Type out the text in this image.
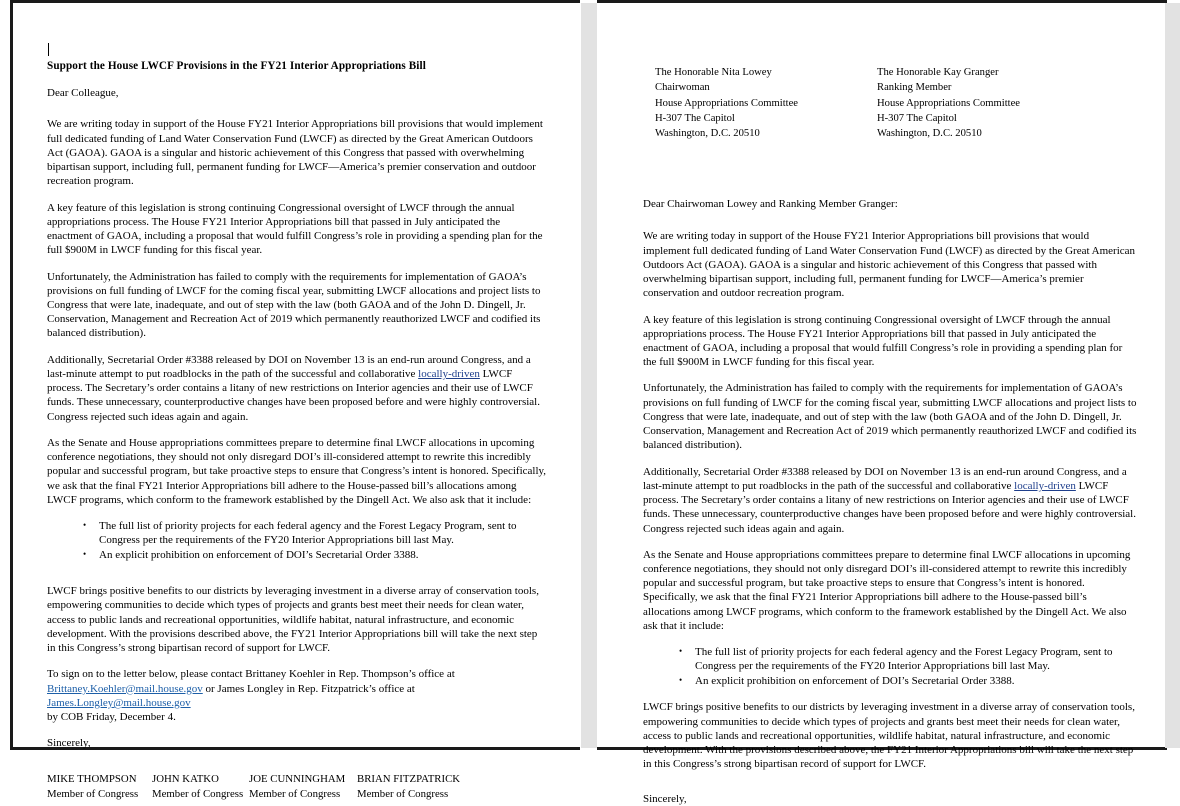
Support the House LWCF Provisions in the FY21 Interior Appropriations Bill
Dear Colleague,

We are writing today in support of the House FY21 Interior Appropriations bill provisions that would implement full dedicated funding of Land Water Conservation Fund (LWCF) as directed by the Great American Outdoors Act (GAOA). GAOA is a singular and historic achievement of this Congress that passed with overwhelming bipartisan support, including full, permanent funding for LWCF—America’s premier conservation and outdoor recreation program.

A key feature of this legislation is strong continuing Congressional oversight of LWCF through the annual appropriations process. The House FY21 Interior Appropriations bill that passed in July anticipated the enactment of GAOA, including a proposal that would fulfill Congress’s role in providing a spending plan for the full $900M in LWCF funding for this fiscal year.

Unfortunately, the Administration has failed to comply with the requirements for implementation of GAOA’s provisions on full funding of LWCF for the coming fiscal year, submitting LWCF allocations and project lists to Congress that were late, inadequate, and out of step with the law (both GAOA and of the John D. Dingell, Jr. Conservation, Management and Recreation Act of 2019 which permanently reauthorized LWCF and codified its balanced distribution).

Additionally, Secretarial Order #3388 released by DOI on November 13 is an end-run around Congress, and a last-minute attempt to put roadblocks in the path of the successful and collaborative locally-driven LWCF process. The Secretary’s order contains a litany of new restrictions on Interior agencies and their use of LWCF funds. These unnecessary, counterproductive changes have been proposed before and were highly controversial. Congress rejected such ideas again and again.

As the Senate and House appropriations committees prepare to determine final LWCF allocations in upcoming conference negotiations, they should not only disregard DOI’s ill-considered attempt to rewrite this incredibly popular and successful program, but take proactive steps to ensure that Congress’s intent is honored. Specifically, we ask that the final FY21 Interior Appropriations bill adhere to the House-passed bill’s allocations among LWCF programs, which conform to the framework established by the Dingell Act. We also ask that it include:

• The full list of priority projects for each federal agency and the Forest Legacy Program, sent to Congress per the requirements of the FY20 Interior Appropriations bill last May.
• An explicit prohibition on enforcement of DOI’s Secretarial Order 3388.

LWCF brings positive benefits to our districts by leveraging investment in a diverse array of conservation tools, empowering communities to decide which types of projects and grants best meet their needs for clean water, access to public lands and recreational opportunities, wildlife habitat, natural infrastructure, and economic development. With the provisions described above, the FY21 Interior Appropriations bill will take the next step in this Congress’s strong bipartisan record of support for LWCF.

To sign on to the letter below, please contact Brittaney Koehler in Rep. Thompson’s office at
Brittaney.Koehler@mail.house.gov or James Longley in Rep. Fitzpatrick’s office at James.Longley@mail.house.gov
by COB Friday, December 4.

Sincerely,
MIKE THOMPSON
Member of Congress
JOHN KATKO
Member of Congress
JOE CUNNINGHAM
Member of Congress
BRIAN FITZPATRICK
Member of Congress
The Honorable Nita Lowey
Chairwoman
House Appropriations Committee
H-307 The Capitol
Washington, D.C. 20510
The Honorable Kay Granger
Ranking Member
House Appropriations Committee
H-307 The Capitol
Washington, D.C. 20510
Dear Chairwoman Lowey and Ranking Member Granger:

We are writing today in support of the House FY21 Interior Appropriations bill provisions that would implement full dedicated funding of Land Water Conservation Fund (LWCF) as directed by the Great American Outdoors Act (GAOA). GAOA is a singular and historic achievement of this Congress that passed with overwhelming bipartisan support, including full, permanent funding for LWCF—America’s premier conservation and outdoor recreation program.

A key feature of this legislation is strong continuing Congressional oversight of LWCF through the annual appropriations process. The House FY21 Interior Appropriations bill that passed in July anticipated the enactment of GAOA, including a proposal that would fulfill Congress’s role in providing a spending plan for the full $900M in LWCF funding for this fiscal year.

Unfortunately, the Administration has failed to comply with the requirements for implementation of GAOA’s provisions on full funding of LWCF for the coming fiscal year, submitting LWCF allocations and project lists to Congress that were late, inadequate, and out of step with the law (both GAOA and of the John D. Dingell, Jr. Conservation, Management and Recreation Act of 2019 which permanently reauthorized LWCF and codified its balanced distribution).

Additionally, Secretarial Order #3388 released by DOI on November 13 is an end-run around Congress, and a last-minute attempt to put roadblocks in the path of the successful and collaborative locally-driven LWCF process. The Secretary’s order contains a litany of new restrictions on Interior agencies and their use of LWCF funds. These unnecessary, counterproductive changes have been proposed before and were highly controversial. Congress rejected such ideas again and again.

As the Senate and House appropriations committees prepare to determine final LWCF allocations in upcoming conference negotiations, they should not only disregard DOI’s ill-considered attempt to rewrite this incredibly popular and successful program, but take proactive steps to ensure that Congress’s intent is honored. Specifically, we ask that the final FY21 Interior Appropriations bill adhere to the House-passed bill’s allocations among LWCF programs, which conform to the framework established by the Dingell Act. We also ask that it include:

• The full list of priority projects for each federal agency and the Forest Legacy Program, sent to Congress per the requirements of the FY20 Interior Appropriations bill last May.
• An explicit prohibition on enforcement of DOI’s Secretarial Order 3388.

LWCF brings positive benefits to our districts by leveraging investment in a diverse array of conservation tools, empowering communities to decide which types of projects and grants best meet their needs for clean water, access to public lands and recreational opportunities, wildlife habitat, natural infrastructure, and economic development. With the provisions described above, the FY21 Interior Appropriations bill will take the next step in this Congress’s strong bipartisan record of support for LWCF.

Sincerely,
